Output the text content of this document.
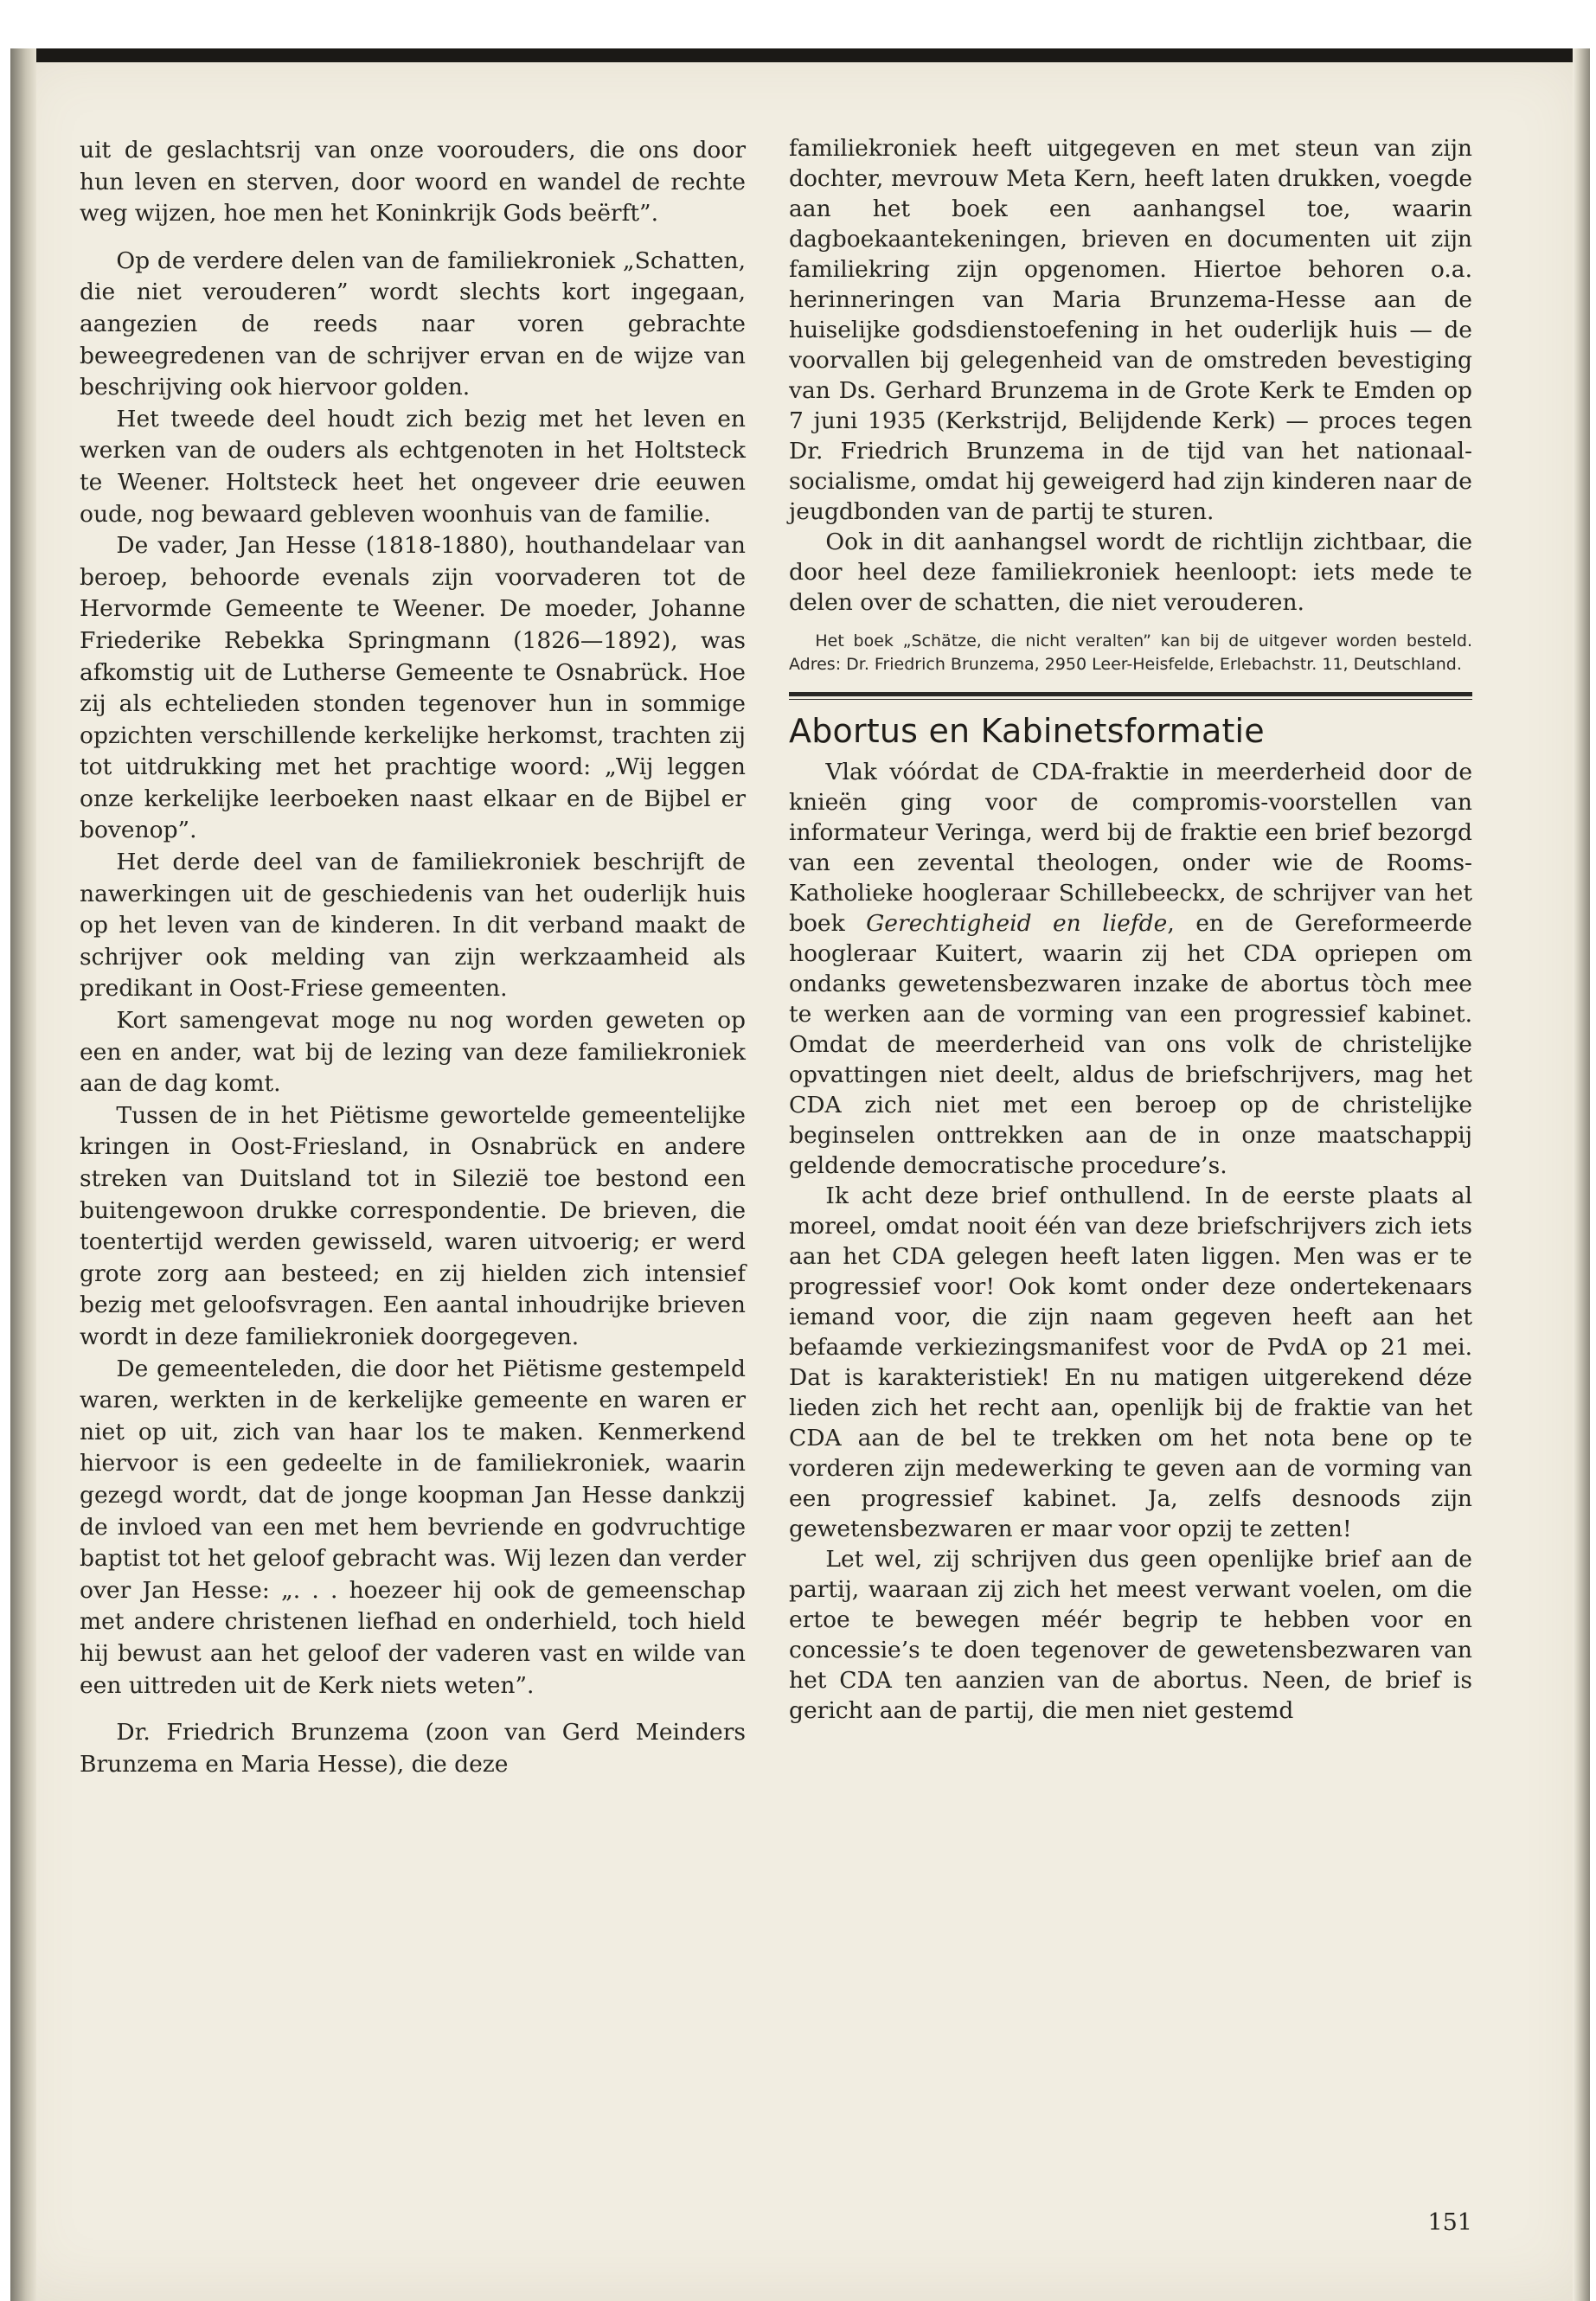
uit de geslachtsrij van onze voorouders, die ons door hun leven en sterven, door woord en wandel de rechte weg wijzen, hoe men het Koninkrijk Gods beërft”.

Op de verdere delen van de familiekroniek „Schatten, die niet verouderen” wordt slechts kort ingegaan, aangezien de reeds naar voren gebrachte beweegredenen van de schrijver ervan en de wijze van beschrijving ook hiervoor golden.

Het tweede deel houdt zich bezig met het leven en werken van de ouders als echtgenoten in het Holtsteck te Weener. Holtsteck heet het ongeveer drie eeuwen oude, nog bewaard gebleven woonhuis van de familie.

De vader, Jan Hesse (1818-1880), houthandelaar van beroep, behoorde evenals zijn voorvaderen tot de Hervormde Gemeente te Weener. De moeder, Johanne Friederike Rebekka Springmann (1826—1892), was afkomstig uit de Lutherse Gemeente te Osnabrück. Hoe zij als echtelieden stonden tegenover hun in sommige opzichten verschillende kerkelijke herkomst, trachten zij tot uitdrukking met het prachtige woord: „Wij leggen onze kerkelijke leerboeken naast elkaar en de Bijbel er bovenop”.

Het derde deel van de familiekroniek beschrijft de nawerkingen uit de geschiedenis van het ouderlijk huis op het leven van de kinderen. In dit verband maakt de schrijver ook melding van zijn werkzaamheid als predikant in Oost-Friese gemeenten.

Kort samengevat moge nu nog worden geweten op een en ander, wat bij de lezing van deze familiekroniek aan de dag komt.

Tussen de in het Piëtisme gewortelde gemeentelijke kringen in Oost-Friesland, in Osnabrück en andere streken van Duitsland tot in Silezië toe bestond een buitengewoon drukke correspondentie. De brieven, die toentertijd werden gewisseld, waren uitvoerig; er werd grote zorg aan besteed; en zij hielden zich intensief bezig met geloofsvragen. Een aantal inhoudrijke brieven wordt in deze familiekroniek doorgegeven.

De gemeenteleden, die door het Piëtisme gestempeld waren, werkten in de kerkelijke gemeente en waren er niet op uit, zich van haar los te maken. Kenmerkend hiervoor is een gedeelte in de familiekroniek, waarin gezegd wordt, dat de jonge koopman Jan Hesse dankzij de invloed van een met hem bevriende en godvruchtige baptist tot het geloof gebracht was. Wij lezen dan verder over Jan Hesse: „. . . hoezeer hij ook de gemeenschap met andere christenen liefhad en onderhield, toch hield hij bewust aan het geloof der vaderen vast en wilde van een uittreden uit de Kerk niets weten”.

Dr. Friedrich Brunzema (zoon van Gerd Meinders Brunzema en Maria Hesse), die deze

familiekroniek heeft uitgegeven en met steun van zijn dochter, mevrouw Meta Kern, heeft laten drukken, voegde aan het boek een aanhangsel toe, waarin dagboekaantekeningen, brieven en documenten uit zijn familiekring zijn opgenomen. Hiertoe behoren o.a. herinneringen van Maria Brunzema-Hesse aan de huiselijke godsdienstoefening in het ouderlijk huis — de voorvallen bij gelegenheid van de omstreden bevestiging van Ds. Gerhard Brunzema in de Grote Kerk te Emden op 7 juni 1935 (Kerkstrijd, Belijdende Kerk) — proces tegen Dr. Friedrich Brunzema in de tijd van het nationaal-socialisme, omdat hij geweigerd had zijn kinderen naar de jeugdbonden van de partij te sturen.

Ook in dit aanhangsel wordt de richtlijn zichtbaar, die door heel deze familiekroniek heenloopt: iets mede te delen over de schatten, die niet verouderen.

Het boek „Schätze, die nicht veralten” kan bij de uitgever worden besteld. Adres: Dr. Friedrich Brunzema, 2950 Leer-Heisfelde, Erlebachstr. 11, Deutschland.
Abortus en Kabinetsformatie

Vlak vóórdat de CDA-fraktie in meerderheid door de knieën ging voor de compromis-voorstellen van informateur Veringa, werd bij de fraktie een brief bezorgd van een zevental theologen, onder wie de Rooms-Katholieke hoogleraar Schillebeeckx, de schrijver van het boek Gerechtigheid en liefde, en de Gereformeerde hoogleraar Kuitert, waarin zij het CDA opriepen om ondanks gewetensbezwaren inzake de abortus tòch mee te werken aan de vorming van een progressief kabinet. Omdat de meerderheid van ons volk de christelijke opvattingen niet deelt, aldus de briefschrijvers, mag het CDA zich niet met een beroep op de christelijke beginselen onttrekken aan de in onze maatschappij geldende democratische procedure’s.

Ik acht deze brief onthullend. In de eerste plaats al moreel, omdat nooit één van deze briefschrijvers zich iets aan het CDA gelegen heeft laten liggen. Men was er te progressief voor! Ook komt onder deze ondertekenaars iemand voor, die zijn naam gegeven heeft aan het befaamde verkiezingsmanifest voor de PvdA op 21 mei. Dat is karakteristiek! En nu matigen uitgerekend déze lieden zich het recht aan, openlijk bij de fraktie van het CDA aan de bel te trekken om het nota bene op te vorderen zijn medewerking te geven aan de vorming van een progressief kabinet. Ja, zelfs desnoods zijn gewetensbezwaren er maar voor opzij te zetten!

Let wel, zij schrijven dus geen openlijke brief aan de partij, waaraan zij zich het meest verwant voelen, om die ertoe te bewegen méér begrip te hebben voor en concessie’s te doen tegenover de gewetensbezwaren van het CDA ten aanzien van de abortus. Neen, de brief is gericht aan de partij, die men niet gestemd

151
